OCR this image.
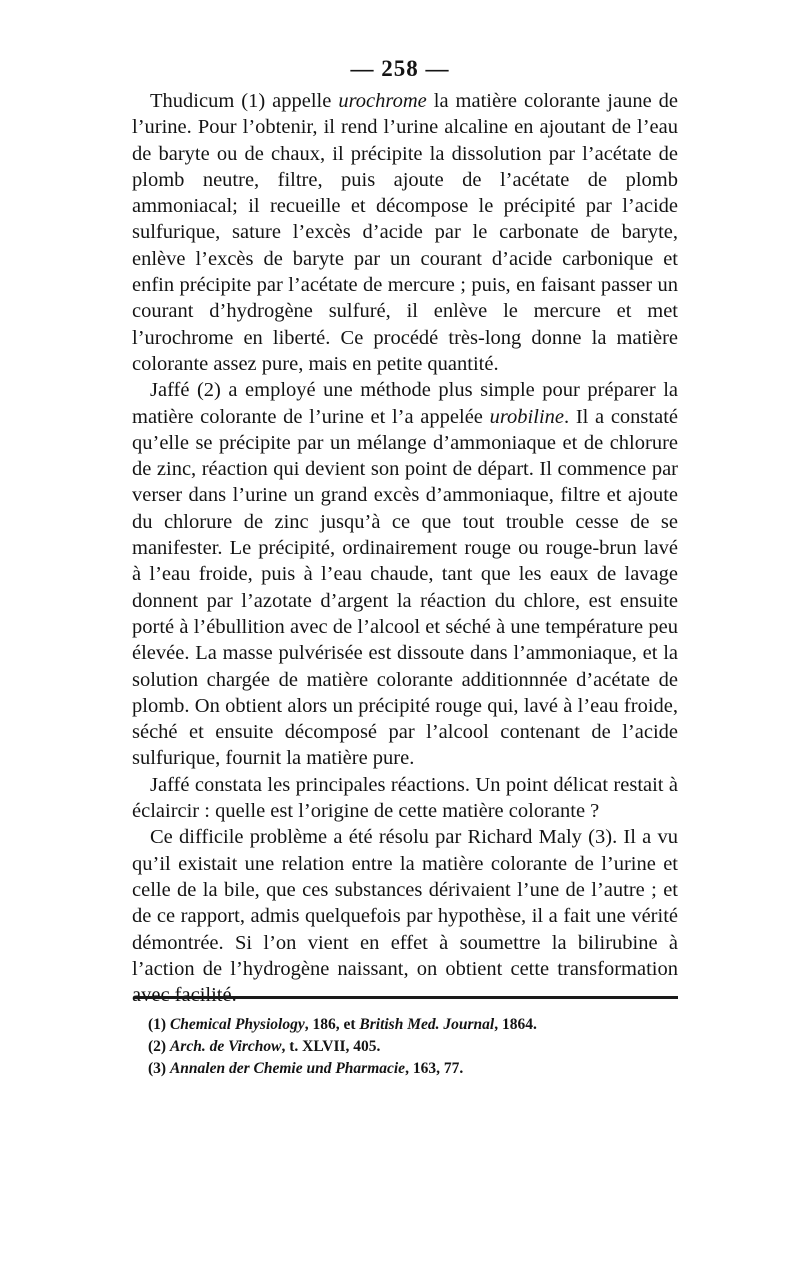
— 258 —

Thudicum (1) appelle urochrome la matière colorante jaune de l’urine. Pour l’obtenir, il rend l’urine alcaline en ajoutant de l’eau de baryte ou de chaux, il précipite la dissolution par l’acétate de plomb neutre, filtre, puis ajoute de l’acétate de plomb ammoniacal; il recueille et décompose le précipité par l’acide sulfurique, sature l’excès d’acide par le carbonate de baryte, enlève l’excès de baryte par un courant d’acide carbonique et enfin précipite par l’acétate de mercure ; puis, en faisant passer un courant d’hydrogène sulfuré, il enlève le mercure et met l’urochrome en liberté. Ce procédé très-long donne la matière colorante assez pure, mais en petite quantité.

Jaffé (2) a employé une méthode plus simple pour préparer la matière colorante de l’urine et l’a appelée urobiline. Il a constaté qu’elle se précipite par un mélange d’ammoniaque et de chlorure de zinc, réaction qui devient son point de départ. Il commence par verser dans l’urine un grand excès d’ammoniaque, filtre et ajoute du chlorure de zinc jusqu’à ce que tout trouble cesse de se manifester. Le précipité, ordinairement rouge ou rouge-brun lavé à l’eau froide, puis à l’eau chaude, tant que les eaux de lavage donnent par l’azotate d’argent la réaction du chlore, est ensuite porté à l’ébullition avec de l’alcool et séché à une température peu élevée. La masse pulvérisée est dissoute dans l’ammoniaque, et la solution chargée de matière colorante additionnnée d’acétate de plomb. On obtient alors un précipité rouge qui, lavé à l’eau froide, séché et ensuite décomposé par l’alcool contenant de l’acide sulfurique, fournit la matière pure.

Jaffé constata les principales réactions. Un point délicat restait à éclaircir : quelle est l’origine de cette matière colorante ?

Ce difficile problème a été résolu par Richard Maly (3). Il a vu qu’il existait une relation entre la matière colorante de l’urine et celle de la bile, que ces substances dérivaient l’une de l’autre ; et de ce rapport, admis quelquefois par hypothèse, il a fait une vérité démontrée. Si l’on vient en effet à soumettre la bilirubine à l’action de l’hydrogène naissant, on obtient cette transformation avec facilité.

(1) Chemical Physiology, 186, et British Med. Journal, 1864.
(2) Arch. de Virchow, t. XLVII, 405.
(3) Annalen der Chemie und Pharmacie, 163, 77.
